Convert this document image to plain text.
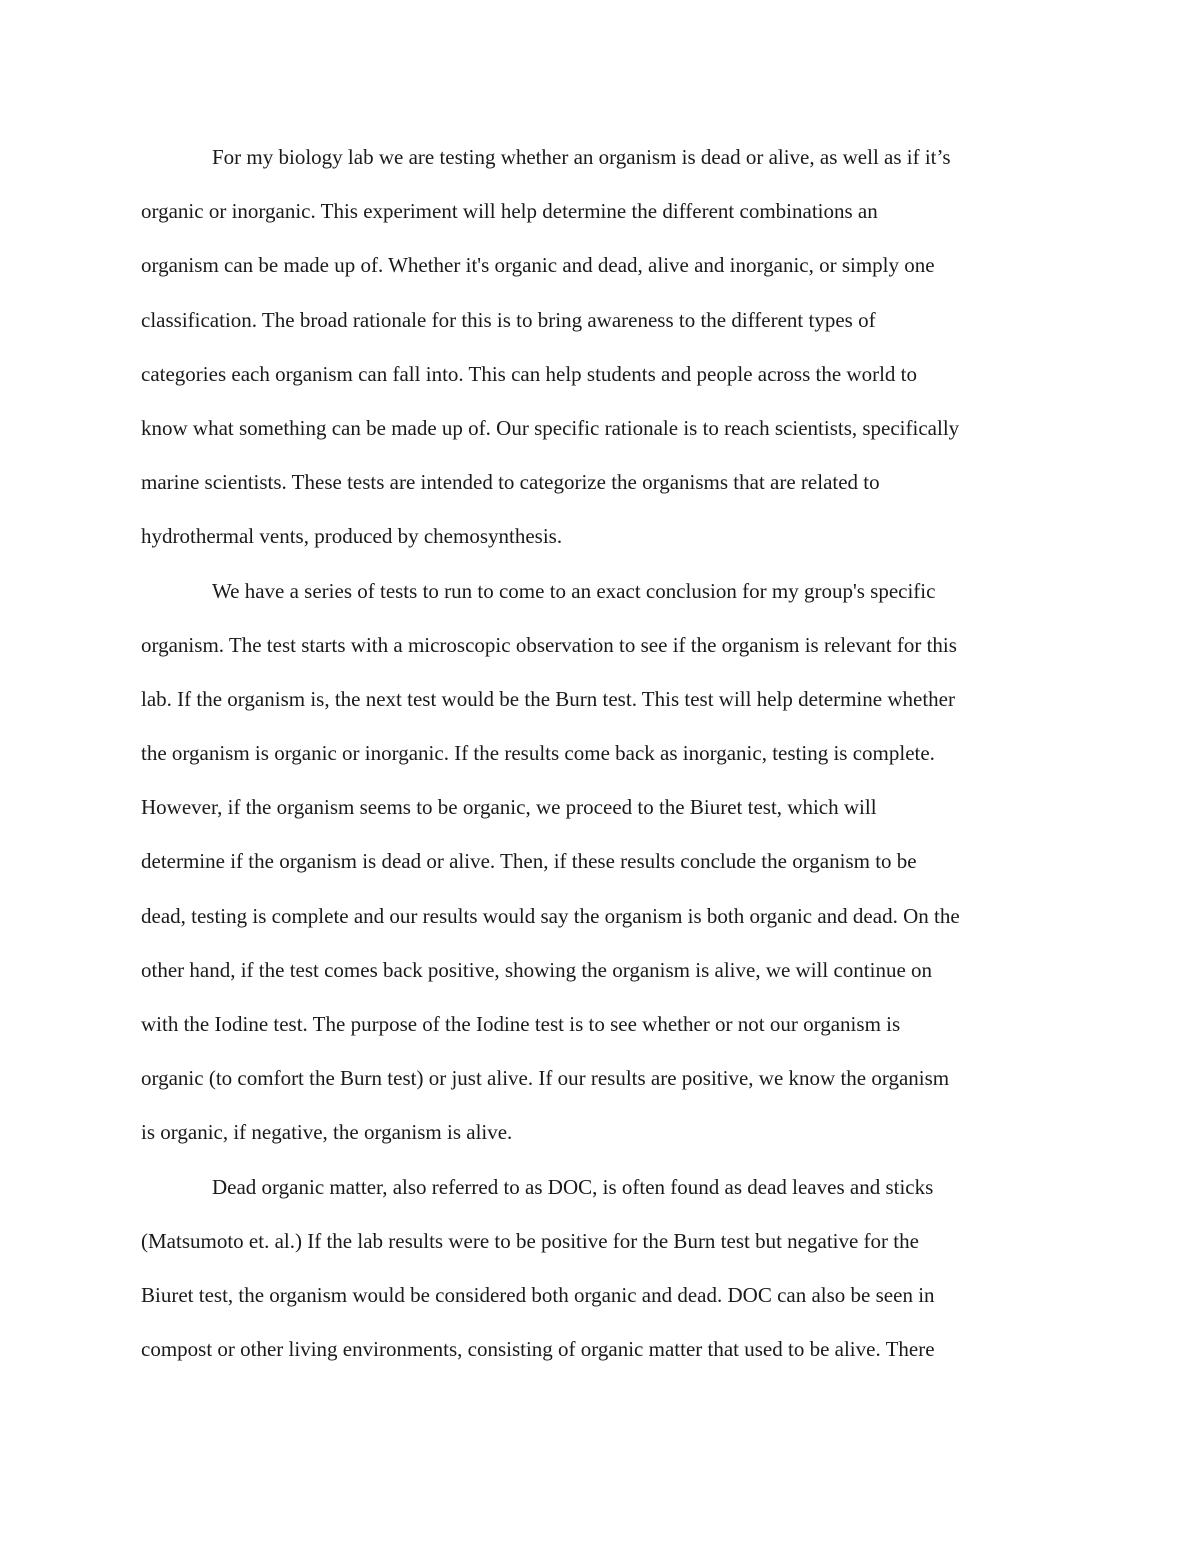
For my biology lab we are testing whether an organism is dead or alive, as well as if it’s
organic or inorganic. This experiment will help determine the different combinations an
organism can be made up of. Whether it's organic and dead, alive and inorganic, or simply one
classification. The broad rationale for this is to bring awareness to the different types of
categories each organism can fall into. This can help students and people across the world to
know what something can be made up of. Our specific rationale is to reach scientists, specifically
marine scientists. These tests are intended to categorize the organisms that are related to
hydrothermal vents, produced by chemosynthesis.
We have a series of tests to run to come to an exact conclusion for my group's specific
organism. The test starts with a microscopic observation to see if the organism is relevant for this
lab. If the organism is, the next test would be the Burn test. This test will help determine whether
the organism is organic or inorganic. If the results come back as inorganic, testing is complete.
However, if the organism seems to be organic, we proceed to the Biuret test, which will
determine if the organism is dead or alive. Then, if these results conclude the organism to be
dead, testing is complete and our results would say the organism is both organic and dead. On the
other hand, if the test comes back positive, showing the organism is alive, we will continue on
with the Iodine test. The purpose of the Iodine test is to see whether or not our organism is
organic (to comfort the Burn test) or just alive. If our results are positive, we know the organism
is organic, if negative, the organism is alive.
Dead organic matter, also referred to as DOC, is often found as dead leaves and sticks
(Matsumoto et. al.) If the lab results were to be positive for the Burn test but negative for the
Biuret test, the organism would be considered both organic and dead. DOC can also be seen in
compost or other living environments, consisting of organic matter that used to be alive. There
